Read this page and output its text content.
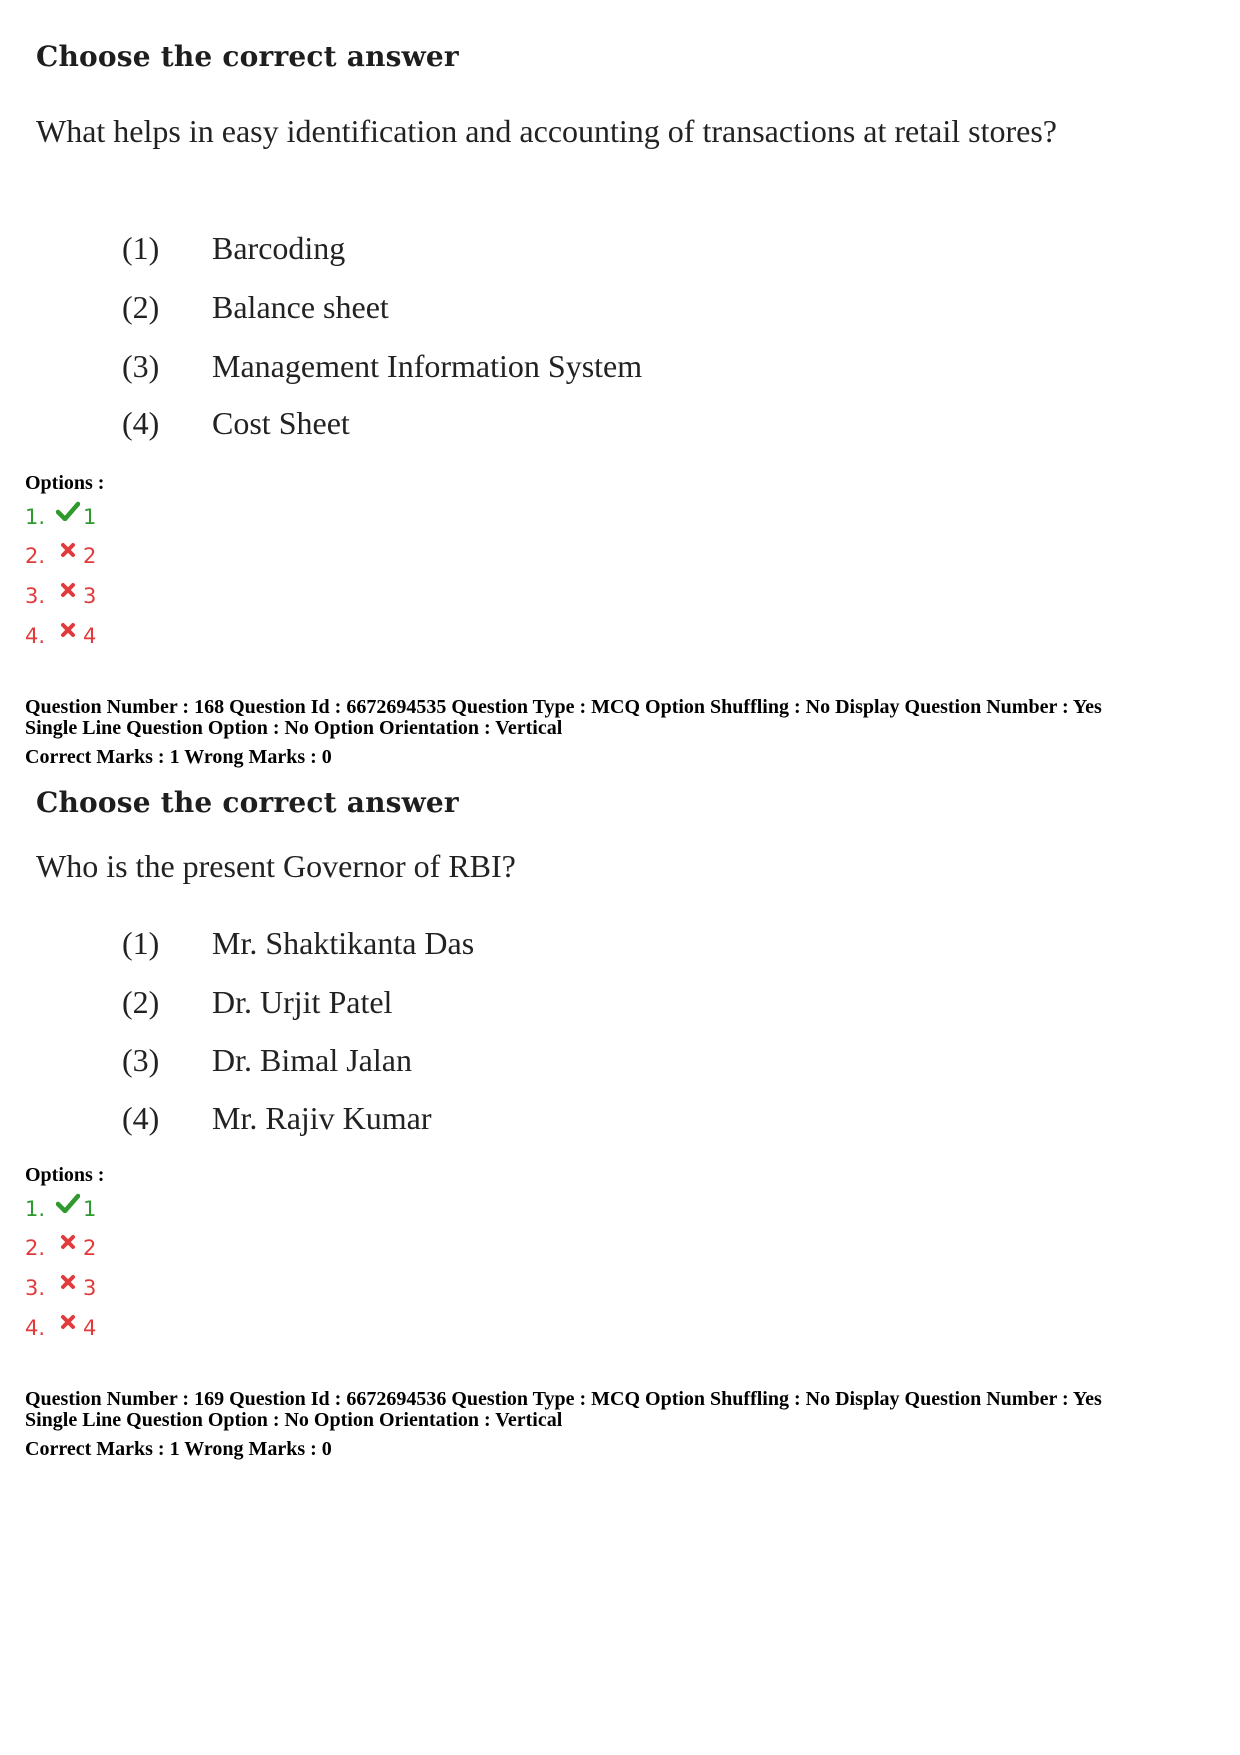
Choose the correct answer
What helps in easy identification and accounting of transactions at retail stores?
(1) Barcoding
(2) Balance sheet
(3) Management Information System
(4) Cost Sheet
Options :
1.	1
2.	2
3.	3
4.	4
Question Number : 168 Question Id : 6672694535 Question Type : MCQ Option Shuffling : No Display Question Number : Yes
Single Line Question Option : No Option Orientation : Vertical
Correct Marks : 1 Wrong Marks : 0
Choose the correct answer
Who is the present Governor of RBI?
(1) Mr. Shaktikanta Das
(2) Dr. Urjit Patel
(3) Dr. Bimal Jalan
(4) Mr. Rajiv Kumar
Options :
1.	1
2.	2
3.	3
4.	4
Question Number : 169 Question Id : 6672694536 Question Type : MCQ Option Shuffling : No Display Question Number : Yes
Single Line Question Option : No Option Orientation : Vertical
Correct Marks : 1 Wrong Marks : 0
